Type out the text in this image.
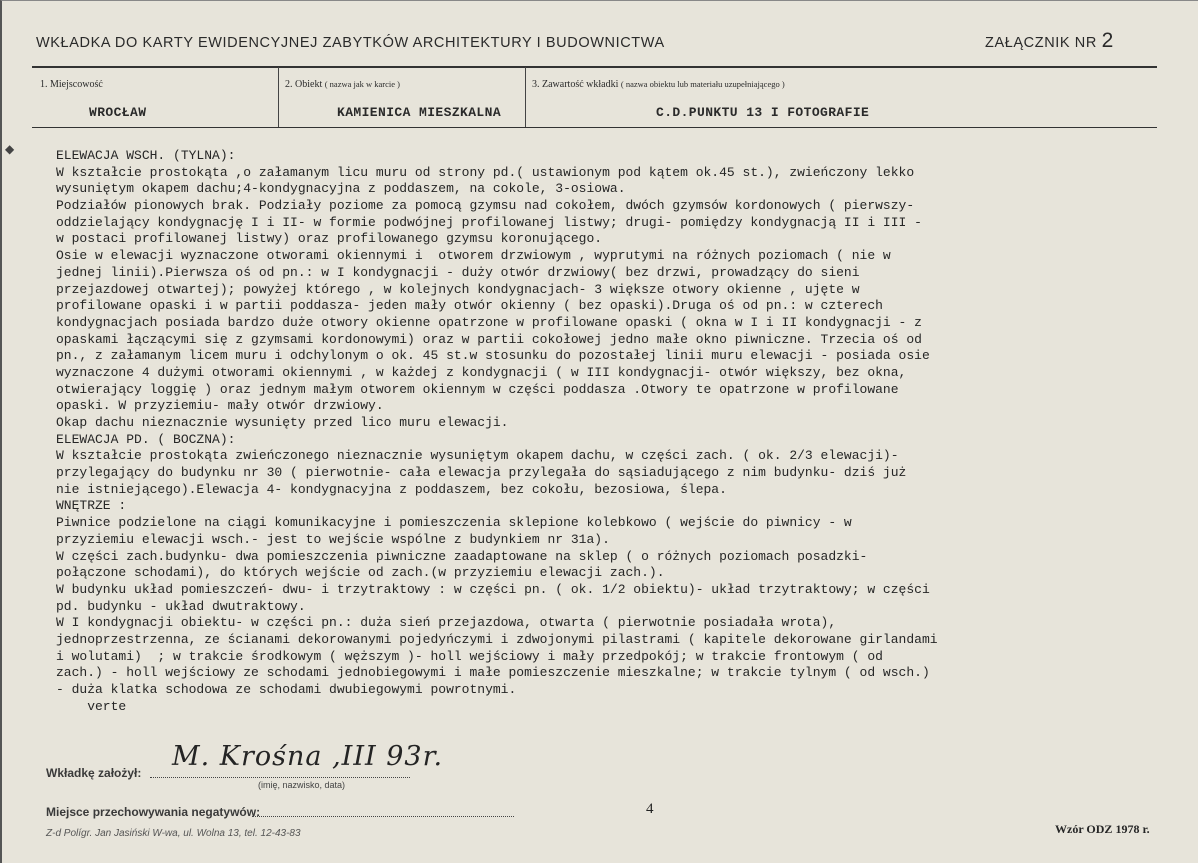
WKŁADKA DO KARTY EWIDENCYJNEJ ZABYTKÓW ARCHITEKTURY I BUDOWNICTWA	ZAŁĄCZNIK NR 2
1. Miejscowość	2. Obiekt ( nazwa jak w karcie )	3. Zawartość wkładki ( nazwa obiektu lub materiału uzupełniającego )
WROCŁAW	KAMIENICA MIESZKALNA	C.D.PUNKTU 13 I FOTOGRAFIE
◆	ELEWACJA WSCH. (TYLNA):
W kształcie prostokąta ,o załamanym licu muru od strony pd.( ustawionym pod kątem ok.45 st.), zwieńczony lekko
wysuniętym okapem dachu;4-kondygnacyjna z poddaszem, na cokole, 3-osiowa.
Podziałów pionowych brak. Podziały poziome za pomocą gzymsu nad cokołem, dwóch gzymsów kordonowych ( pierwszy-
oddzielający kondygnację I i II- w formie podwójnej profilowanej listwy; drugi- pomiędzy kondygnacją II i III -
w postaci profilowanej listwy) oraz profilowanego gzymsu koronującego.
Osie w elewacji wyznaczone otworami okiennymi i  otworem drzwiowym , wyprutymi na różnych poziomach ( nie w
jednej linii).Pierwsza oś od pn.: w I kondygnacji - duży otwór drzwiowy( bez drzwi, prowadzący do sieni
przejazdowej otwartej); powyżej którego , w kolejnych kondygnacjach- 3 większe otwory okienne , ujęte w
profilowane opaski i w partii poddasza- jeden mały otwór okienny ( bez opaski).Druga oś od pn.: w czterech
kondygnacjach posiada bardzo duże otwory okienne opatrzone w profilowane opaski ( okna w I i II kondygnacji - z
opaskami łączącymi się z gzymsami kordonowymi) oraz w partii cokołowej jedno małe okno piwniczne. Trzecia oś od
pn., z załamanym licem muru i odchylonym o ok. 45 st.w stosunku do pozostałej linii muru elewacji - posiada osie
wyznaczone 4 dużymi otworami okiennymi , w każdej z kondygnacji ( w III kondygnacji- otwór większy, bez okna,
otwierający loggię ) oraz jednym małym otworem okiennym w części poddasza .Otwory te opatrzone w profilowane
opaski. W przyziemiu- mały otwór drzwiowy.
Okap dachu nieznacznie wysunięty przed lico muru elewacji.
ELEWACJA PD. ( BOCZNA):
W kształcie prostokąta zwieńczonego nieznacznie wysuniętym okapem dachu, w części zach. ( ok. 2/3 elewacji)-
przylegający do budynku nr 30 ( pierwotnie- cała elewacja przylegała do sąsiadującego z nim budynku- dziś już
nie istniejącego).Elewacja 4- kondygnacyjna z poddaszem, bez cokołu, bezosiowa, ślepa.
WNĘTRZE :
Piwnice podzielone na ciągi komunikacyjne i pomieszczenia sklepione kolebkowo ( wejście do piwnicy - w
przyziemiu elewacji wsch.- jest to wejście wspólne z budynkiem nr 31a).
W części zach.budynku- dwa pomieszczenia piwniczne zaadaptowane na sklep ( o różnych poziomach posadzki-
połączone schodami), do których wejście od zach.(w przyziemiu elewacji zach.).
W budynku układ pomieszczeń- dwu- i trzytraktowy : w części pn. ( ok. 1/2 obiektu)- układ trzytraktowy; w części
pd. budynku - układ dwutraktowy.
W I kondygnacji obiektu- w części pn.: duża sień przejazdowa, otwarta ( pierwotnie posiadała wrota),
jednoprzestrzenna, ze ścianami dekorowanymi pojedyńczymi i zdwojonymi pilastrami ( kapitele dekorowane girlandami
i wolutami)  ; w trakcie środkowym ( węższym )- holl wejściowy i mały przedpokój; w trakcie frontowym ( od
zach.) - holl wejściowy ze schodami jednobiegowymi i małe pomieszczenie mieszkalne; w trakcie tylnym ( od wsch.)
- duża klatka schodowa ze schodami dwubiegowymi powrotnymi.
verte
Wkładkę założył:
M. Krośna ,III 93r.
(imię, nazwisko, data)
Miejsce przechowywania negatywów:	4
Z-d Polígr. Jan Jasiński W-wa, ul. Wolna 13, tel. 12-43-83	Wzór ODZ 1978 r.
